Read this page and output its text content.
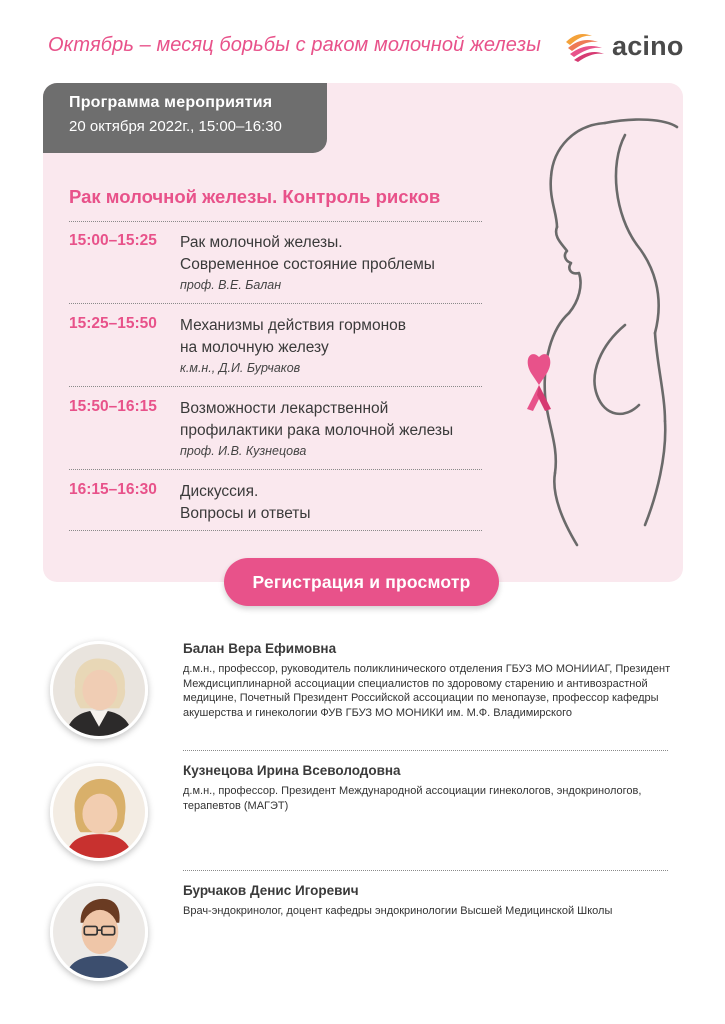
Октябрь – месяц борьбы с раком молочной железы	acino
Программа мероприятия
20 октября 2022г., 15:00–16:30
Рак молочной железы. Контроль рисков
15:00–15:25 Рак молочной железы.
Современное состояние проблемы
проф. В.Е. Балан
15:25–15:50 Механизмы действия гормонов
на молочную железу
к.м.н., Д.И. Бурчаков
15:50–16:15 Возможности лекарственной
профилактики рака молочной железы
проф. И.В. Кузнецова
16:15–16:30 Дискуссия.
Вопросы и ответы
Регистрация и просмотр
Балан Вера Ефимовна
д.м.н., профессор, руководитель поликлинического отделения ГБУЗ МО МОНИИАГ, Президент Междисциплинарной ассоциации специалистов по здоровому старению и антивозрастной медицине, Почетный Президент Российской ассоциации по менопаузе, профессор кафедры акушерства и гинекологии ФУВ ГБУЗ МО МОНИКИ им. М.Ф. Владимирского
Кузнецова Ирина Всеволодовна
д.м.н., профессор. Президент Международной ассоциации гинекологов, эндокринологов, терапевтов (МАГЭТ)
Бурчаков Денис Игоревич
Врач-эндокринолог, доцент кафедры эндокринологии Высшей Медицинской Школы
